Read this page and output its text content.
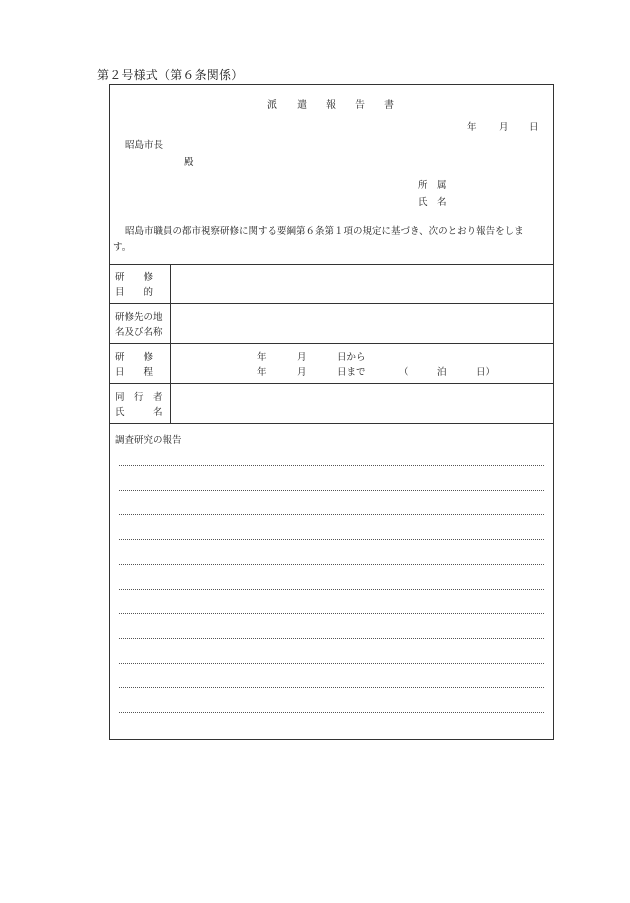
第２号様式（第６条関係）
派 遣 報 告 書
年 月 日
昭島市長
殿
所　属
氏　名
昭島市職員の都市視察研修に関する要綱第６条第１項の規定に基づき、次のとおり報告をしま
す。
研　　修
目　　的
研修先の地
名及び名称
研　　修
日　　程
年	月	日から
年	月	日まで	（	泊	日）
同　行　者
氏　　　名
調査研究の報告
